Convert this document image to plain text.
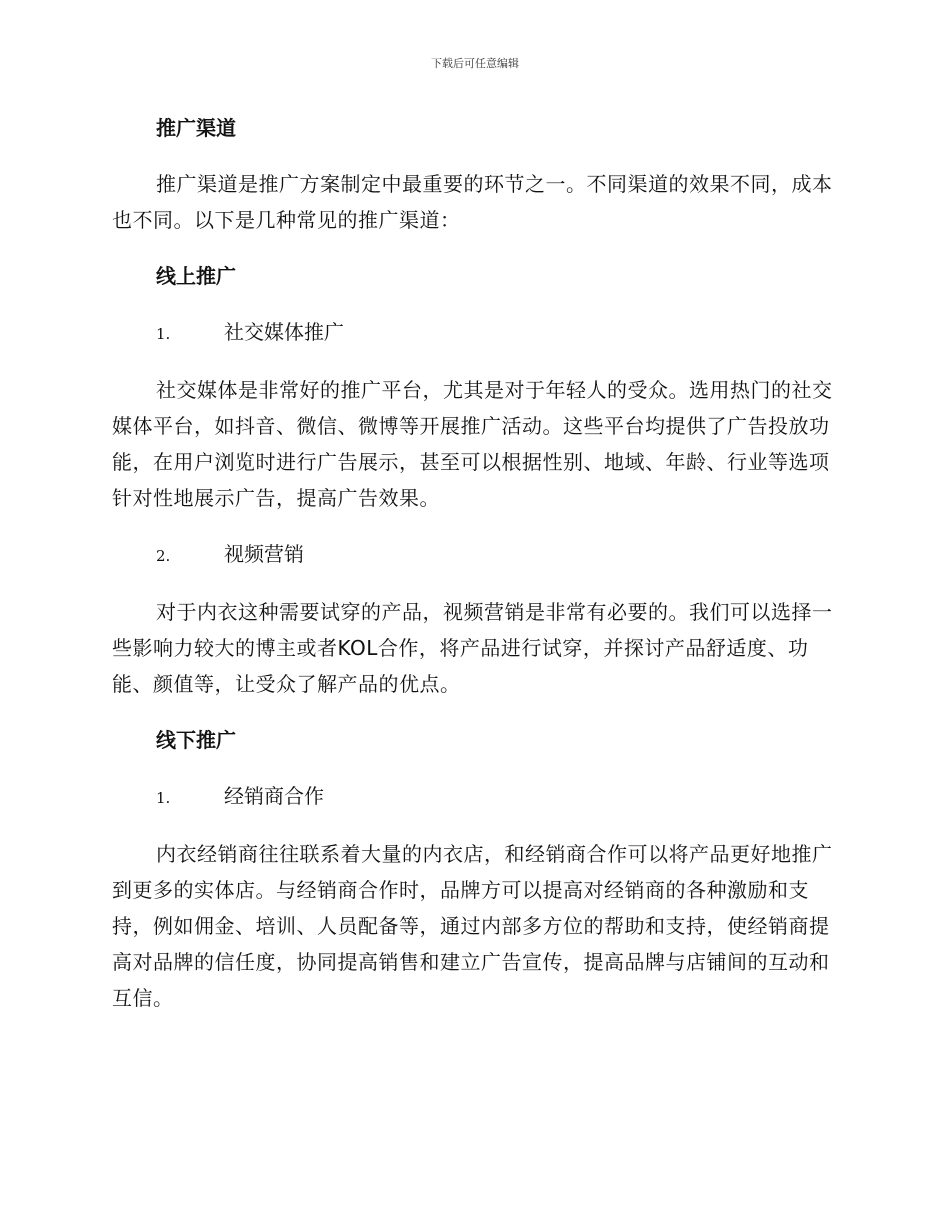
下载后可任意编辑
推广渠道
推广渠道是推广方案制定中最重要的环节之一。不同渠道的效果不同，成本也不同。以下是几种常见的推广渠道：
线上推广
1.	社交媒体推广
社交媒体是非常好的推广平台，尤其是对于年轻人的受众。选用热门的社交媒体平台，如抖音、微信、微博等开展推广活动。这些平台均提供了广告投放功能，在用户浏览时进行广告展示，甚至可以根据性别、地域、年龄、行业等选项针对性地展示广告，提高广告效果。
2.	视频营销
对于内衣这种需要试穿的产品，视频营销是非常有必要的。我们可以选择一些影响力较大的博主或者KOL合作，将产品进行试穿，并探讨产品舒适度、功能、颜值等，让受众了解产品的优点。
线下推广
1.	经销商合作
内衣经销商往往联系着大量的内衣店，和经销商合作可以将产品更好地推广到更多的实体店。与经销商合作时，品牌方可以提高对经销商的各种激励和支持，例如佣金、培训、人员配备等，通过内部多方位的帮助和支持，使经销商提高对品牌的信任度，协同提高销售和建立广告宣传，提高品牌与店铺间的互动和互信。
